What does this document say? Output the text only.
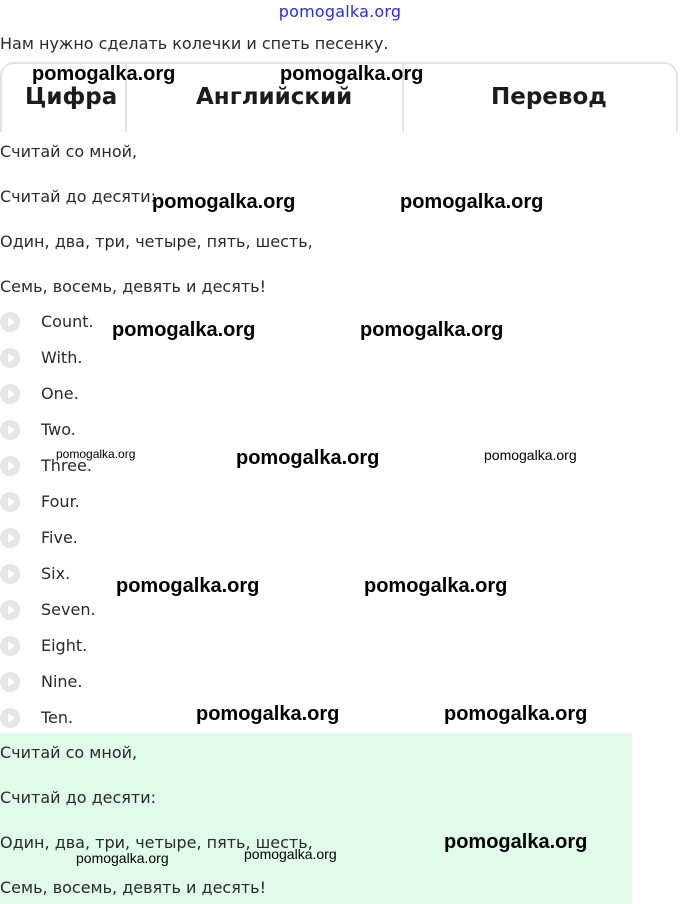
pomogalka.org
Нам нужно сделать колечки и спеть песенку.
Цифра	Английский	Перевод
Считай со мной,
Считай до десяти:
Один, два, три, четыре, пять, шесть,
Семь, восемь, девять и десять!
Count.
With.
One.
Two.
Three.
Four.
Five.
Six.
Seven.
Eight.
Nine.
Ten.
Считай со мной,
Считай до десяти:
Один, два, три, четыре, пять, шесть,
Семь, восемь, девять и десять!
pomogalka.org	pomogalka.org
pomogalka.org	pomogalka.org
pomogalka.org	pomogalka.org
pomogalka.org	pomogalka.org	pomogalka.org
pomogalka.org	pomogalka.org
pomogalka.org	pomogalka.org
pomogalka.org	pomogalka.org
pomogalka.org
